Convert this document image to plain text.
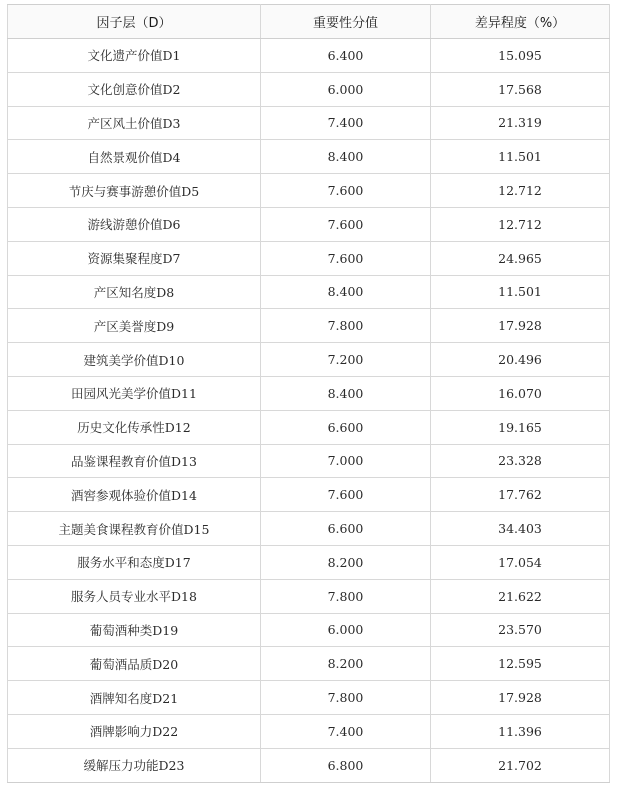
因子层（D）	重要性分值	差异程度（%）
文化遗产价值D1	6.400	15.095
文化创意价值D2	6.000	17.568
产区风土价值D3	7.400	21.319
自然景观价值D4	8.400	11.501
节庆与赛事游憩价值D5	7.600	12.712
游线游憩价值D6	7.600	12.712
资源集聚程度D7	7.600	24.965
产区知名度D8	8.400	11.501
产区美誉度D9	7.800	17.928
建筑美学价值D10	7.200	20.496
田园风光美学价值D11	8.400	16.070
历史文化传承性D12	6.600	19.165
品鉴课程教育价值D13	7.000	23.328
酒窖参观体验价值D14	7.600	17.762
主题美食课程教育价值D15	6.600	34.403
服务水平和态度D17	8.200	17.054
服务人员专业水平D18	7.800	21.622
葡萄酒种类D19	6.000	23.570
葡萄酒品质D20	8.200	12.595
酒牌知名度D21	7.800	17.928
酒牌影响力D22	7.400	11.396
缓解压力功能D23	6.800	21.702
